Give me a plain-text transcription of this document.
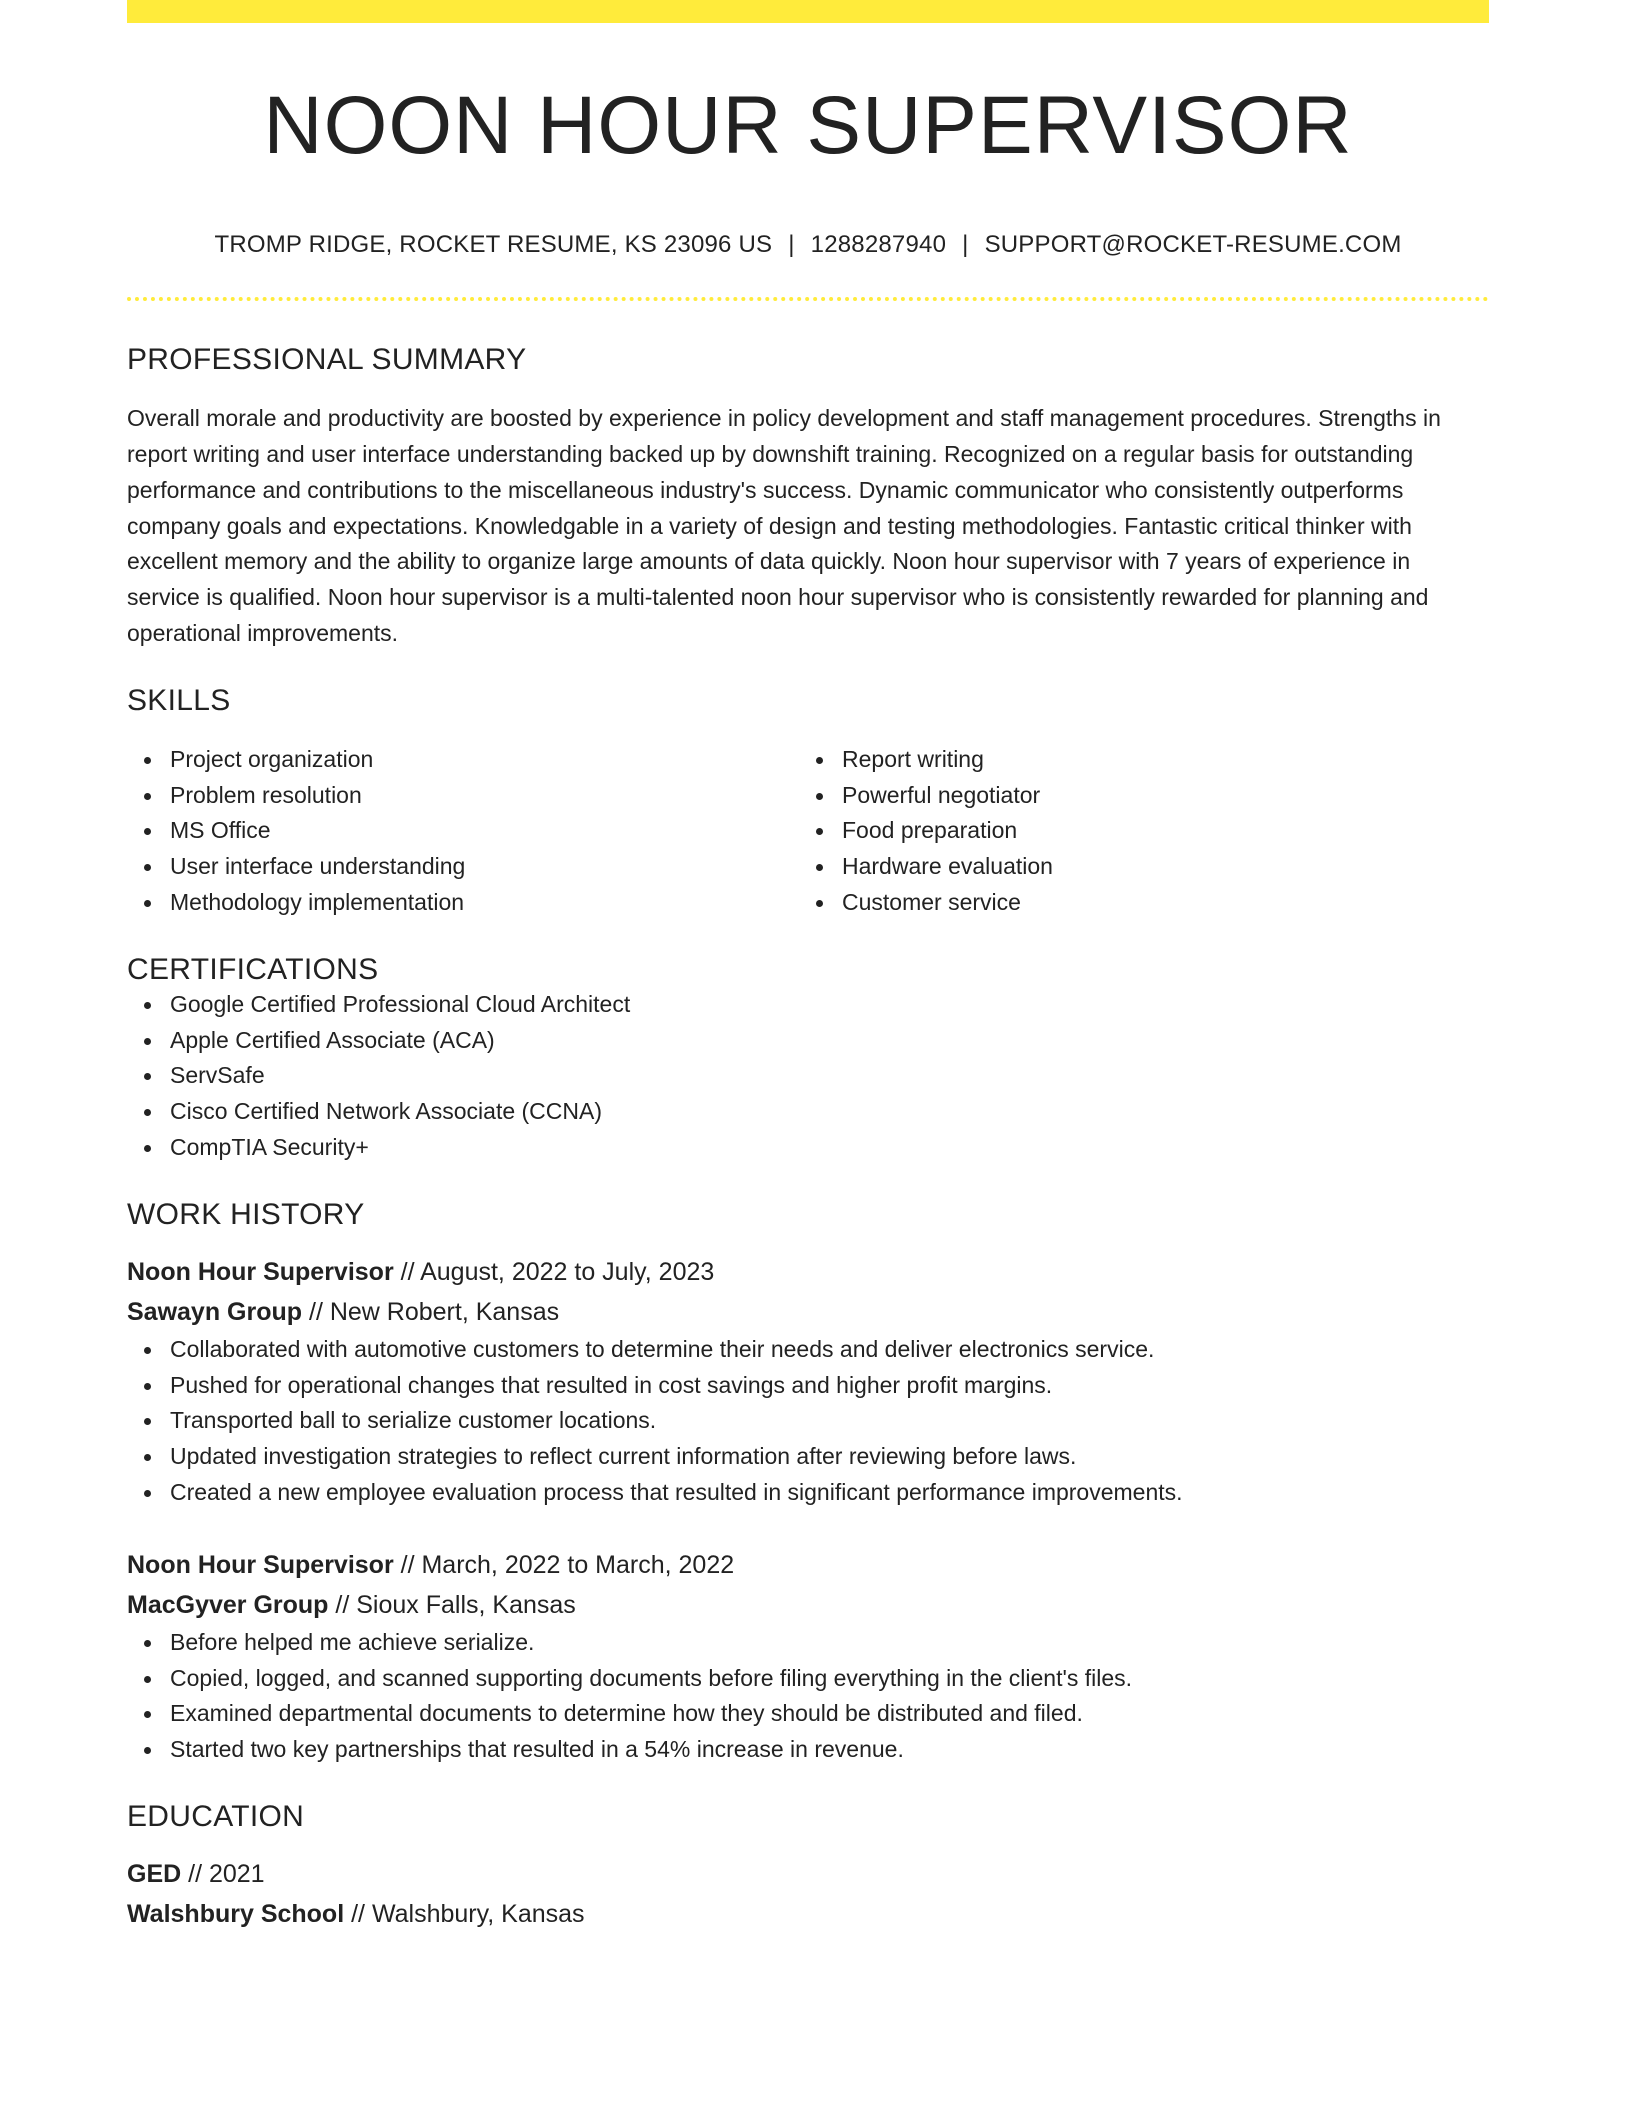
NOON HOUR SUPERVISOR
TROMP RIDGE, ROCKET RESUME, KS 23096 US | 1288287940 | SUPPORT@ROCKET-RESUME.COM
PROFESSIONAL SUMMARY
Overall morale and productivity are boosted by experience in policy development and staff management procedures. Strengths in report writing and user interface understanding backed up by downshift training. Recognized on a regular basis for outstanding performance and contributions to the miscellaneous industry's success. Dynamic communicator who consistently outperforms company goals and expectations. Knowledgable in a variety of design and testing methodologies. Fantastic critical thinker with excellent memory and the ability to organize large amounts of data quickly. Noon hour supervisor with 7 years of experience in service is qualified. Noon hour supervisor is a multi-talented noon hour supervisor who is consistently rewarded for planning and operational improvements.
SKILLS
Project organization
Problem resolution
MS Office
User interface understanding
Methodology implementation
Report writing
Powerful negotiator
Food preparation
Hardware evaluation
Customer service
CERTIFICATIONS
Google Certified Professional Cloud Architect
Apple Certified Associate (ACA)
ServSafe
Cisco Certified Network Associate (CCNA)
CompTIA Security+
WORK HISTORY
Noon Hour Supervisor // August, 2022 to July, 2023
Sawayn Group // New Robert, Kansas
Collaborated with automotive customers to determine their needs and deliver electronics service.
Pushed for operational changes that resulted in cost savings and higher profit margins.
Transported ball to serialize customer locations.
Updated investigation strategies to reflect current information after reviewing before laws.
Created a new employee evaluation process that resulted in significant performance improvements.
Noon Hour Supervisor // March, 2022 to March, 2022
MacGyver Group // Sioux Falls, Kansas
Before helped me achieve serialize.
Copied, logged, and scanned supporting documents before filing everything in the client's files.
Examined departmental documents to determine how they should be distributed and filed.
Started two key partnerships that resulted in a 54% increase in revenue.
EDUCATION
GED // 2021
Walshbury School // Walshbury, Kansas
